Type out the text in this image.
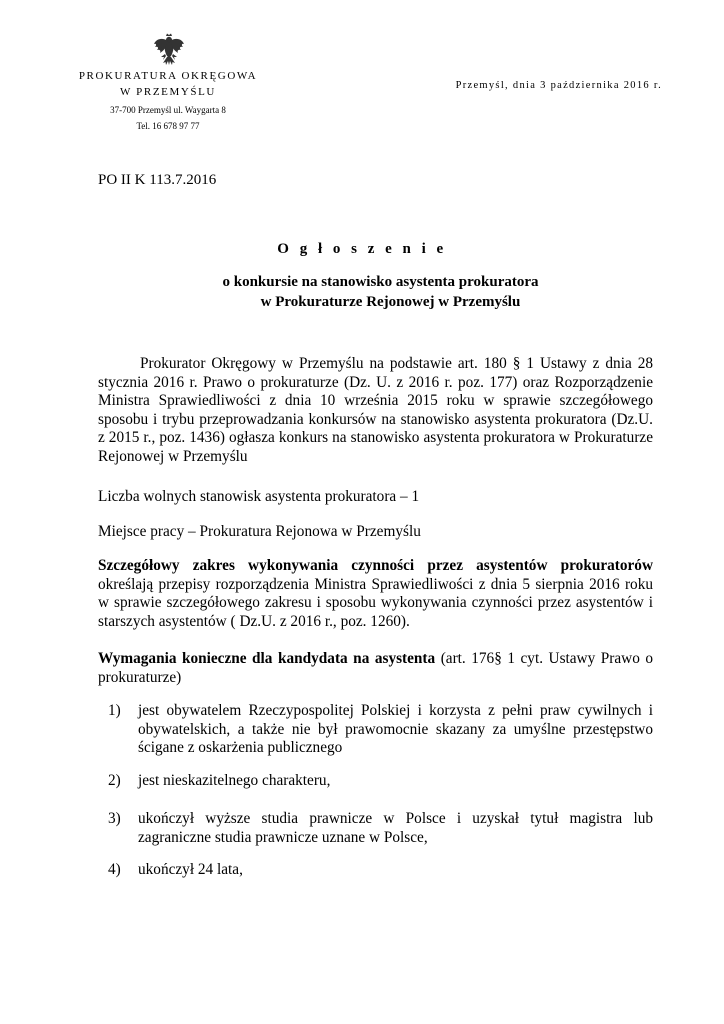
PROKURATURA OKRĘGOWA
W PRZEMYŚLU
37-700 Przemyśl ul. Waygarta 8
Tel. 16 678 97 77
Przemyśl, dnia 3 października 2016 r.
PO II K 113.7.2016
O g ł o s z e n i e
o konkursie na stanowisko asystenta prokuratora
w Prokuraturze Rejonowej w Przemyślu
Prokurator Okręgowy w Przemyślu na podstawie art. 180 § 1 Ustawy z dnia 28 stycznia 2016 r. Prawo o prokuraturze (Dz. U. z 2016 r. poz. 177) oraz Rozporządzenie Ministra Sprawiedliwości z dnia 10 września 2015 roku w sprawie szczegółowego sposobu i trybu przeprowadzania konkursów na stanowisko asystenta prokuratora (Dz.U. z 2015 r., poz. 1436) ogłasza konkurs na stanowisko asystenta prokuratora w Prokuraturze Rejonowej w Przemyślu
Liczba wolnych stanowisk asystenta prokuratora – 1
Miejsce pracy – Prokuratura Rejonowa w Przemyślu
Szczegółowy zakres wykonywania czynności przez asystentów prokuratorów określają przepisy rozporządzenia Ministra Sprawiedliwości z dnia 5 sierpnia 2016 roku w sprawie szczegółowego zakresu i sposobu wykonywania czynności przez asystentów i starszych asystentów ( Dz.U. z 2016 r., poz. 1260).
Wymagania konieczne dla kandydata na asystenta (art. 176§ 1 cyt. Ustawy Prawo o prokuraturze)
1) jest obywatelem Rzeczypospolitej Polskiej i korzysta z pełni praw cywilnych i obywatelskich, a także nie był prawomocnie skazany za umyślne przestępstwo ścigane z oskarżenia publicznego
2) jest nieskazitelnego charakteru,
3) ukończył wyższe studia prawnicze w Polsce i uzyskał tytuł magistra lub zagraniczne studia prawnicze uznane w Polsce,
4) ukończył 24 lata,
